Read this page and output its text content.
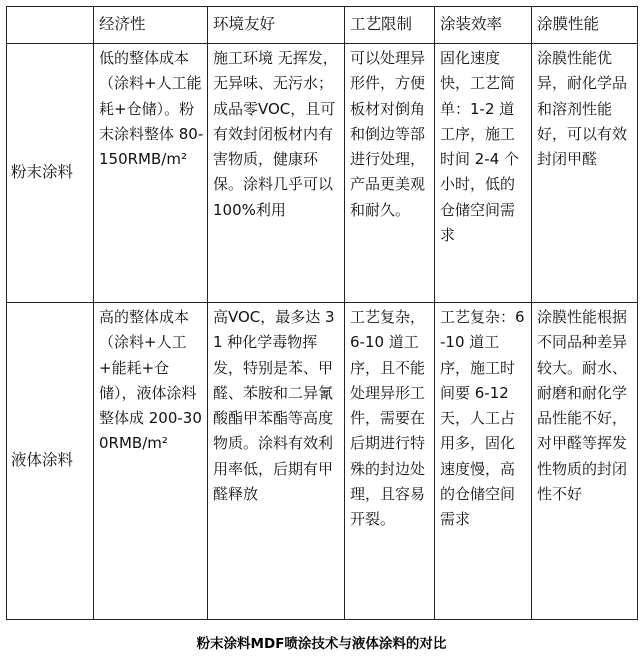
	经济性	环境友好	工艺限制	涂装效率	涂膜性能
粉末涂料	低的整体成本（涂料+人工能耗+仓储）。粉末涂料整体 80-150RMB/m²	施工环境 无挥发，无异味、无污水；成品零VOC，且可有效封闭板材内有害物质，健康环保。涂料几乎可以 100%利用	可以处理异形件，方便板材对倒角和倒边等部进行处理，产品更美观和耐久。	固化速度快，工艺简单：1-2 道工序，施工时间 2-4 个小时，低的仓储空间需求	涂膜性能优异，耐化学品和溶剂性能好，可以有效封闭甲醛
液体涂料	高的整体成本（涂料+人工+能耗+仓储），液体涂料整体成 200-300RMB/m²	高VOC，最多达 31 种化学毒物挥发，特别是苯、甲醛、苯胺和二异氰酸酯甲苯酯等高度物质。涂料有效利用率低，后期有甲醛释放	工艺复杂，6-10 道工序，且不能处理异形工件，需要在后期进行特殊的封边处理，且容易开裂。	工艺复杂：6-10 道工序，施工时间要 6-12 天，人工占用多，固化速度慢，高的仓储空间需求	涂膜性能根据不同品种差异较大。耐水、耐磨和耐化学品性能不好，对甲醛等挥发性物质的封闭性不好
粉末涂料MDF喷涂技术与液体涂料的对比
